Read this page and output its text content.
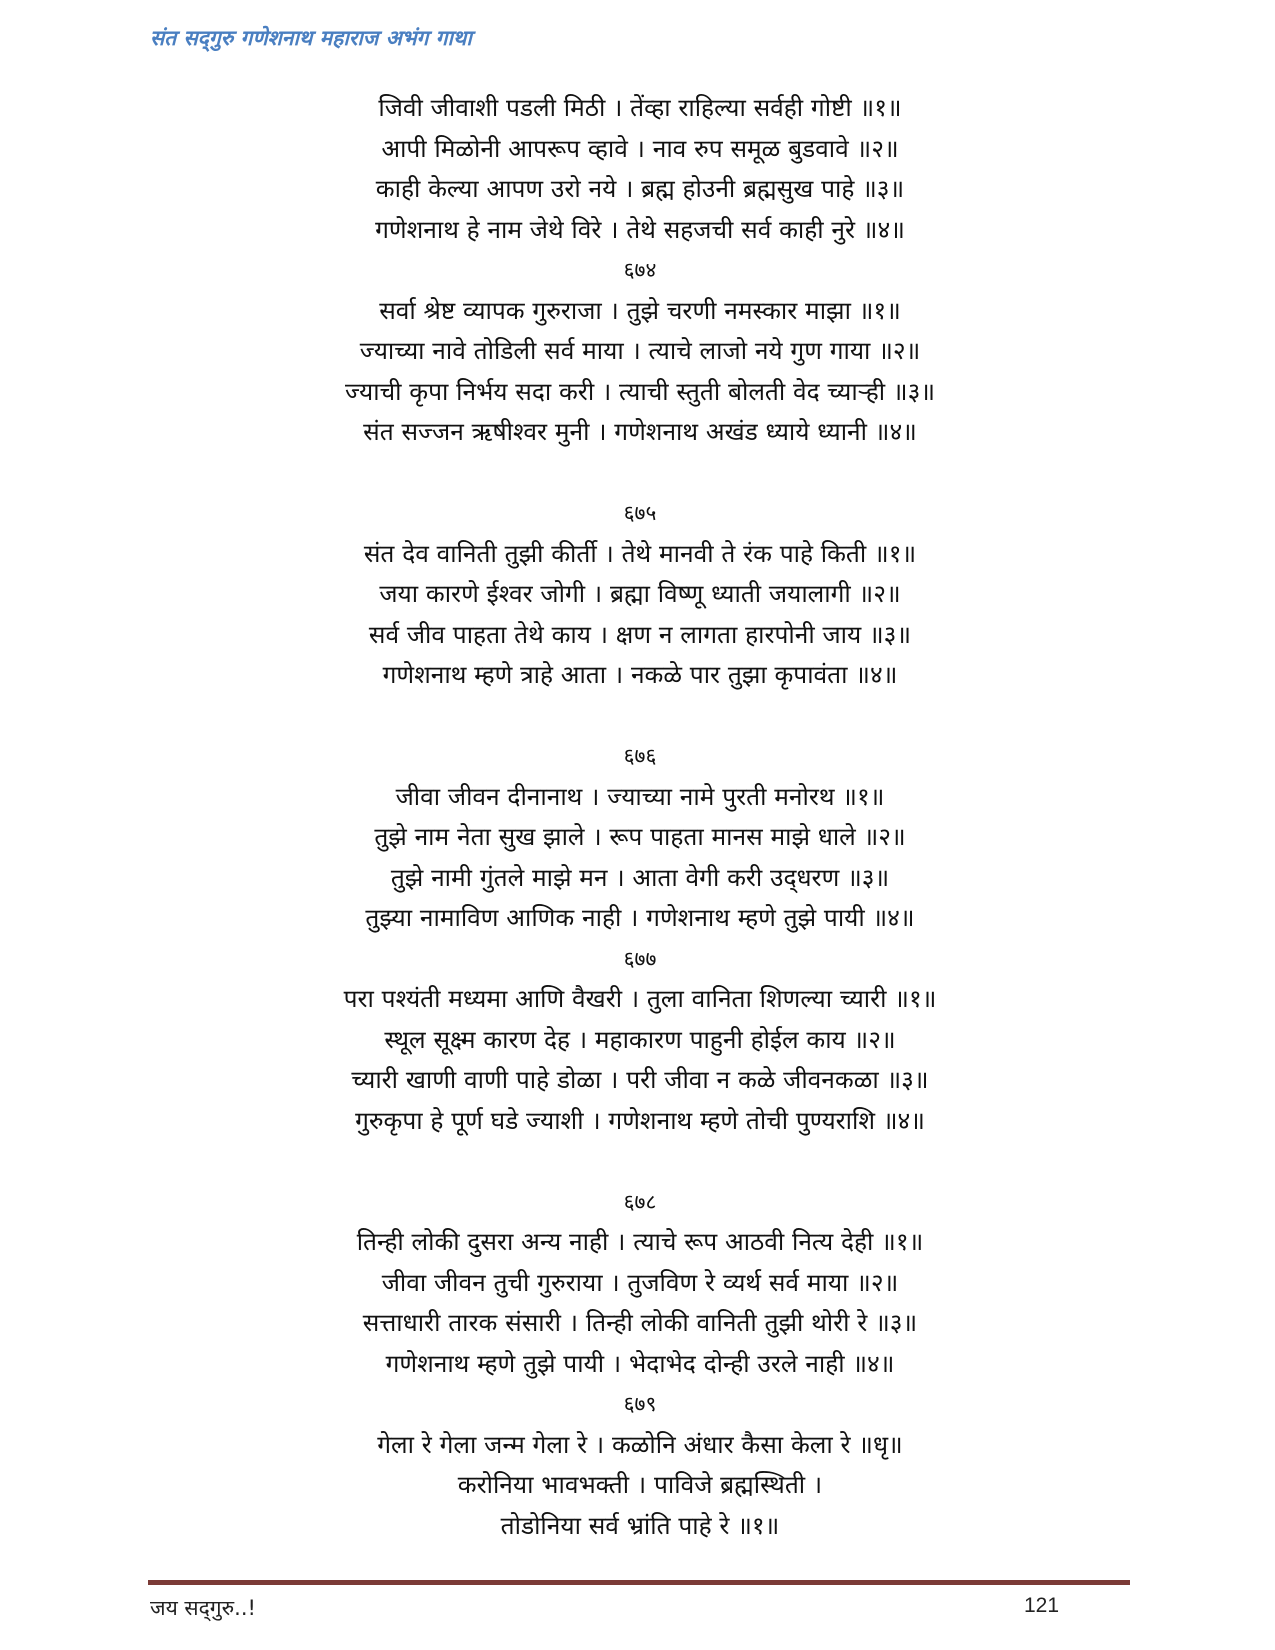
संत सद्‌गुरु गणेशनाथ महाराज अभंग गाथा
जिवी जीवाशी पडली मिठी । तेंव्हा राहिल्या सर्वही गोष्टी ॥१॥
आपी मिळोनी आपरूप व्हावे । नाव रुप समूळ बुडवावे ॥२॥
काही केल्या आपण उरो नये । ब्रह्म होउनी ब्रह्मसुख पाहे ॥३॥
गणेशनाथ हे नाम जेथे विरे । तेथे सहजची सर्व काही नुरे ॥४॥
६७४
सर्वा श्रेष्ट व्यापक गुरुराजा । तुझे चरणी नमस्कार माझा ॥१॥
ज्याच्या नावे तोडिली सर्व माया । त्याचे लाजो नये गुण गाया ॥२॥
ज्याची कृपा निर्भय सदा करी । त्याची स्तुती बोलती वेद च्यार्‍ही ॥३॥
संत सज्जन ऋषीश्वर मुनी । गणेशनाथ अखंड ध्याये ध्यानी ॥४॥
६७५
संत देव वानिती तुझी कीर्ती । तेथे मानवी ते रंक पाहे किती ॥१॥
जया कारणे ईश्वर जोगी । ब्रह्मा विष्णू ध्याती जयालागी ॥२॥
सर्व जीव पाहता तेथे काय । क्षण न लागता हारपोनी जाय ॥३॥
गणेशनाथ म्हणे त्राहे आता । नकळे पार तुझा कृपावंता ॥४॥
६७६
जीवा जीवन दीनानाथ । ज्याच्या नामे पुरती मनोरथ ॥१॥
तुझे नाम नेता सुख झाले । रूप पाहता मानस माझे धाले ॥२॥
तुझे नामी गुंतले माझे मन । आता वेगी करी उद्‍धरण ॥३॥
तुझ्या नामाविण आणिक नाही । गणेशनाथ म्हणे तुझे पायी ॥४॥
६७७
परा पश्यंती मध्यमा आणि वैखरी । तुला वानिता शिणल्या च्यारी ॥१॥
स्थूल सूक्ष्म कारण देह । महाकारण पाहुनी होईल काय ॥२॥
च्यारी खाणी वाणी पाहे डोळा । परी जीवा न कळे जीवनकळा ॥३॥
गुरुकृपा हे पूर्ण घडे ज्याशी । गणेशनाथ म्हणे तोची पुण्यराशि ॥४॥
६७८
तिन्ही लोकी दुसरा अन्य नाही । त्याचे रूप आठवी नित्य देही ॥१॥
जीवा जीवन तुची गुरुराया । तुजविण रे व्यर्थ सर्व माया ॥२॥
सत्ताधारी तारक संसारी । तिन्ही लोकी वानिती तुझी थोरी रे ॥३॥
गणेशनाथ म्हणे तुझे पायी । भेदाभेद दोन्ही उरले नाही ॥४॥
६७९
गेला रे गेला जन्म गेला रे । कळोनि अंधार कैसा केला रे ॥धृ॥
करोनिया भावभक्ती । पाविजे ब्रह्मस्थिती ।
तोडोनिया सर्व भ्रांति पाहे रे ॥१॥
जय सद्‌गुरु..!	121
